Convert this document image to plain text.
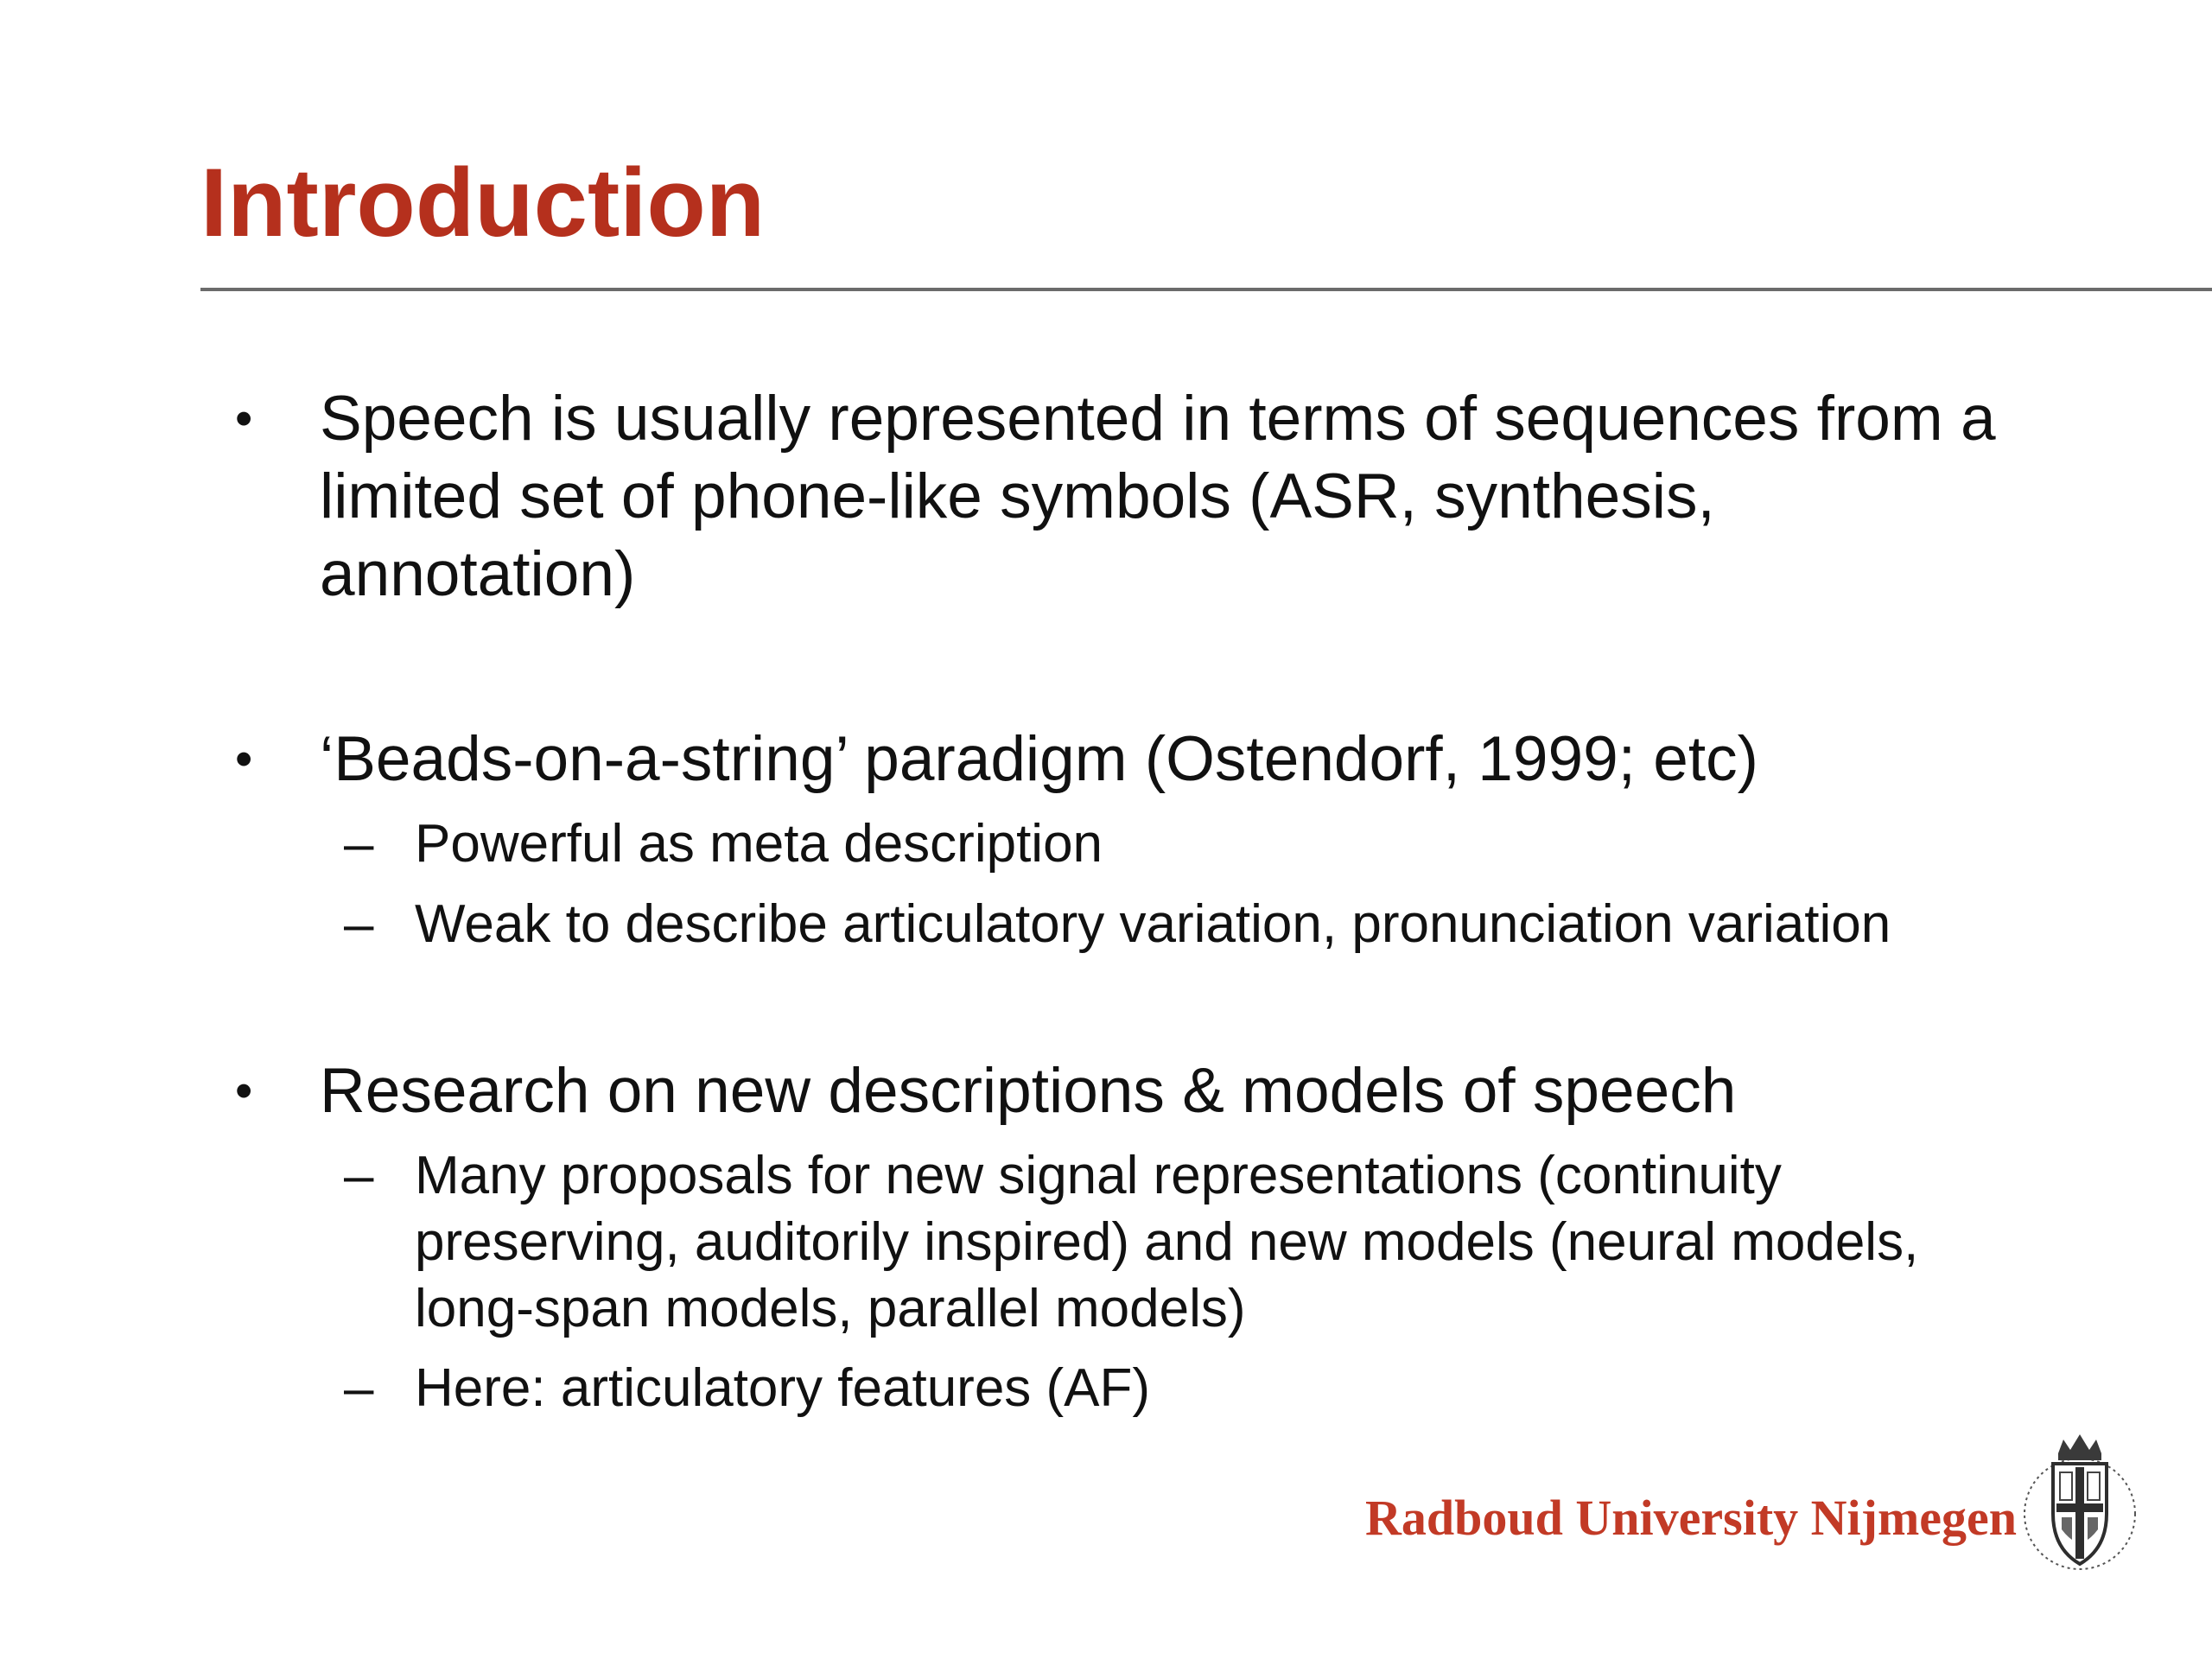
Introduction
• Speech is usually represented in terms of sequences from a  limited set of phone-like symbols (ASR, synthesis, annotation)
• ‘Beads-on-a-string’ paradigm (Ostendorf, 1999; etc)
– Powerful as meta description
– Weak to describe articulatory variation, pronunciation variation
• Research on new descriptions & models of speech
– Many proposals for new signal representations (continuity preserving, auditorily inspired) and new models (neural models, long-span models, parallel models)
– Here: articulatory features (AF)
Radboud University Nijmegen
